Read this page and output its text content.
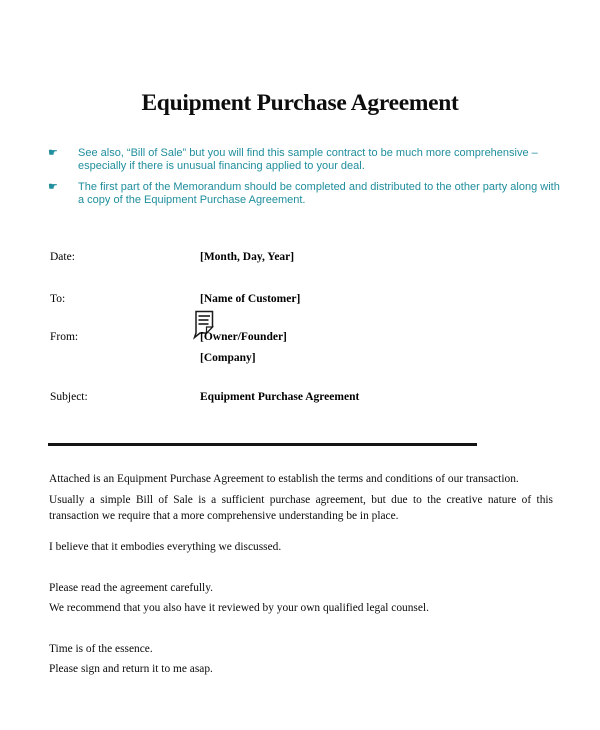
Equipment Purchase Agreement
☛	See also, “Bill of Sale” but you will find this sample contract to be much more comprehensive –
especially if there is unusual financing applied to your deal.
☛	The first part of the Memorandum should be completed and distributed to the other party along with
a copy of the Equipment Purchase Agreement.
Date:	[Month, Day, Year]
To:	[Name of Customer]
From:	[Owner/Founder]
[Company]
Subject:	Equipment Purchase Agreement
Attached is an Equipment Purchase Agreement to establish the terms and conditions of our transaction.
Usually a simple Bill of Sale is a sufficient purchase agreement, but due to the creative nature of this
transaction we require that a more comprehensive understanding be in place.
I believe that it embodies everything we discussed.
Please read the agreement carefully.
We recommend that you also have it reviewed by your own qualified legal counsel.
Time is of the essence.
Please sign and return it to me asap.
